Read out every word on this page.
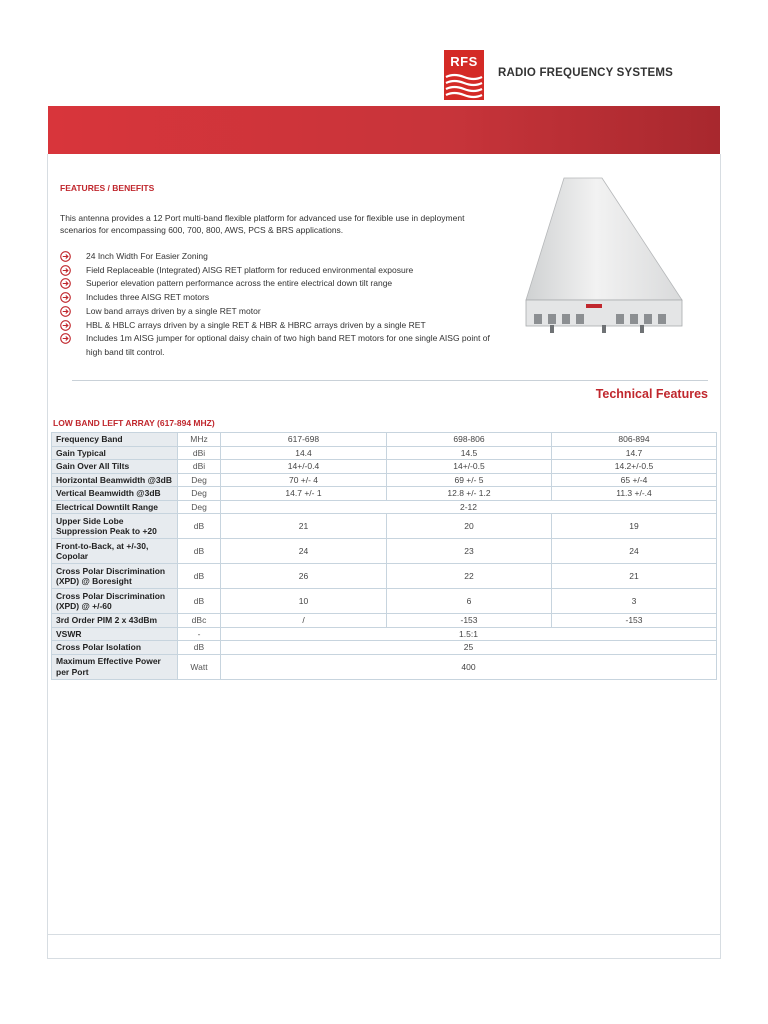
RFS
RADIO FREQUENCY SYSTEMS
FEATURES / BENEFITS
This antenna provides a 12 Port multi-band flexible platform for advanced use for flexible use in deployment scenarios for encompassing 600, 700, 800, AWS, PCS & BRS applications.
24 Inch Width For Easier Zoning
Field Replaceable (Integrated) AISG RET platform for reduced environmental exposure
Superior elevation pattern performance across the entire electrical down tilt range
Includes three AISG RET motors
Low band arrays driven by a single RET motor
HBL & HBLC arrays driven by a single RET & HBR & HBRC arrays driven by a single RET
Includes 1m AISG jumper for optional daisy chain of two high band RET motors for one single AISG point of high band tilt control.
Technical Features
LOW BAND LEFT ARRAY (617-894 MHZ)
Frequency Band	MHz	617-698	698-806	806-894
Gain Typical	dBi	14.4	14.5	14.7
Gain Over All Tilts	dBi	14+/-0.4	14+/-0.5	14.2+/-0.5
Horizontal Beamwidth @3dB	Deg	70 +/- 4	69 +/- 5	65 +/-4
Vertical Beamwidth @3dB	Deg	14.7 +/- 1	12.8 +/- 1.2	11.3 +/-.4
Electrical Downtilt Range	Deg	2-12		
Upper Side Lobe Suppression Peak to +20	dB	21	20	19
Front-to-Back, at +/-30, Copolar	dB	24	23	24
Cross Polar Discrimination (XPD) @ Boresight	dB	26	22	21
Cross Polar Discrimination (XPD) @ +/-60	dB	10	6	3
3rd Order PIM 2 x 43dBm	dBc	/	-153	-153
VSWR	-	1.5:1		
Cross Polar Isolation	dB	25		
Maximum Effective Power per Port	Watt	400		
